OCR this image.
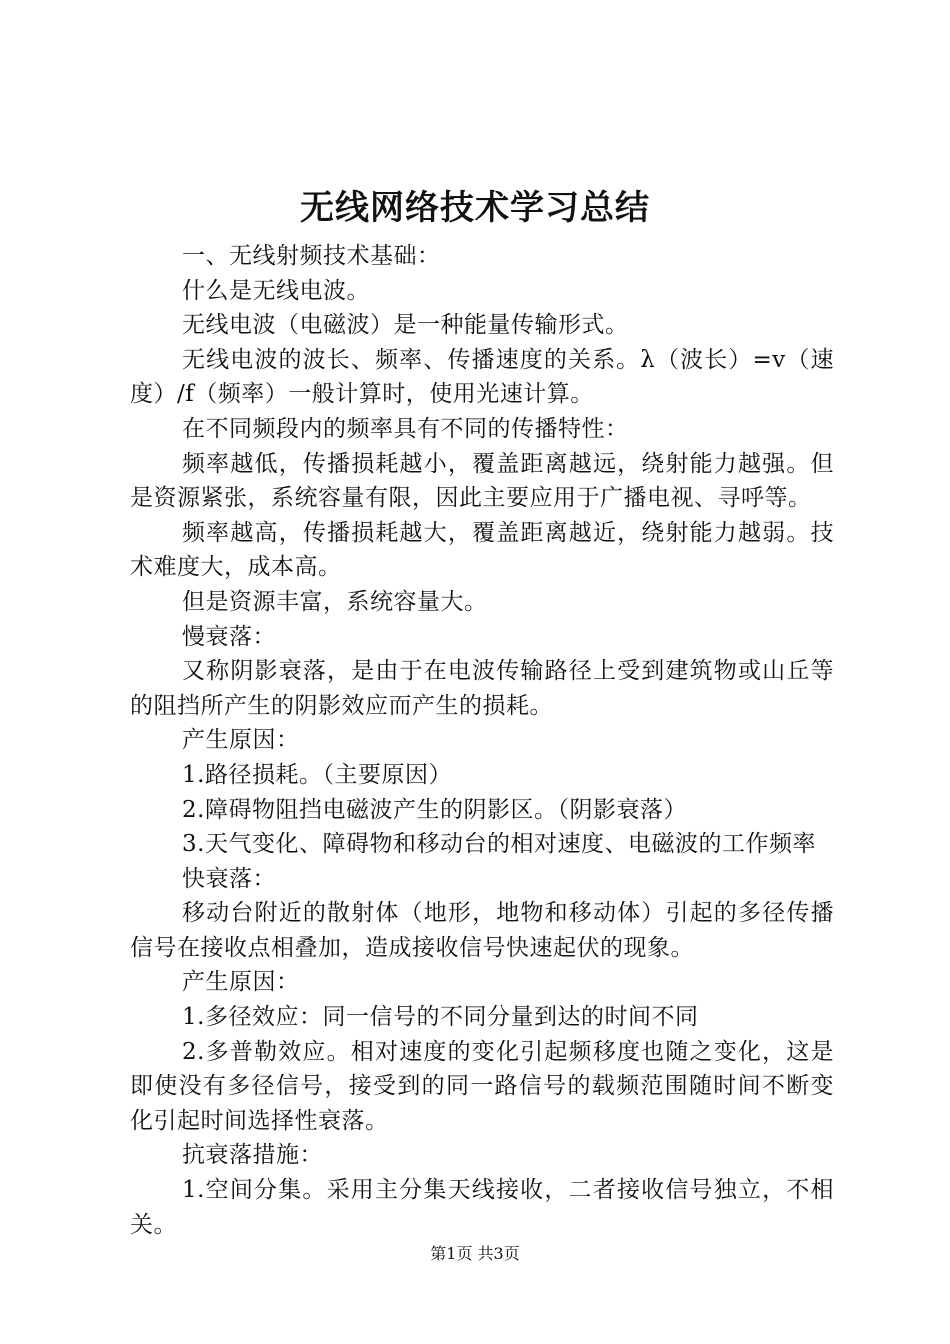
无线网络技术学习总结

一、无线射频技术基础：

什么是无线电波。

无线电波（电磁波）是一种能量传输形式。

无线电波的波长、频率、传播速度的关系。λ（波长）=v（速度）/f（频率）一般计算时，使用光速计算。

在不同频段内的频率具有不同的传播特性：

频率越低，传播损耗越小，覆盖距离越远，绕射能力越强。但是资源紧张，系统容量有限，因此主要应用于广播电视、寻呼等。

频率越高，传播损耗越大，覆盖距离越近，绕射能力越弱。技术难度大，成本高。

但是资源丰富，系统容量大。

慢衰落：

又称阴影衰落，是由于在电波传输路径上受到建筑物或山丘等的阻挡所产生的阴影效应而产生的损耗。

产生原因：

1.路径损耗。（主要原因）

2.障碍物阻挡电磁波产生的阴影区。（阴影衰落）

3.天气变化、障碍物和移动台的相对速度、电磁波的工作频率

快衰落：

移动台附近的散射体（地形，地物和移动体）引起的多径传播信号在接收点相叠加，造成接收信号快速起伏的现象。

产生原因：

1.多径效应：同一信号的不同分量到达的时间不同

2.多普勒效应。相对速度的变化引起频移度也随之变化，这是即使没有多径信号，接受到的同一路信号的载频范围随时间不断变化引起时间选择性衰落。

抗衰落措施：

1.空间分集。采用主分集天线接收，二者接收信号独立，不相关。

第1页 共3页
